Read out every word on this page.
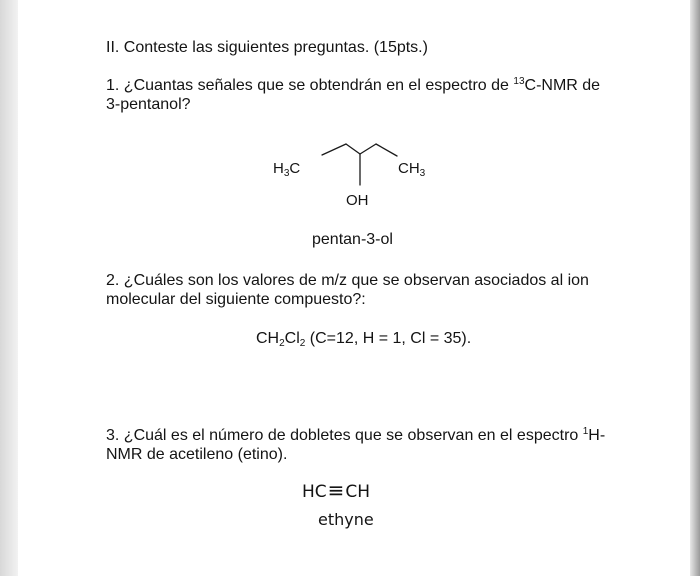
II. Conteste las siguientes preguntas. (15pts.)

1. ¿Cuantas señales que se obtendrán en el espectro de $^{13}$C-NMR de

3-pentanol?

$H_3C$	$CH_3$
OH

pentan-3-ol

2. ¿Cuáles son los valores de m/z que se observan asociados al ion

molecular del siguiente compuesto?:

$CH_2Cl_2$ (C=12, H = 1, Cl = 35).

3. ¿Cuál es el número de dobletes que se observan en el espectro $^1$H-

NMR de acetileno (etino).

HC≡CH
ethyne
